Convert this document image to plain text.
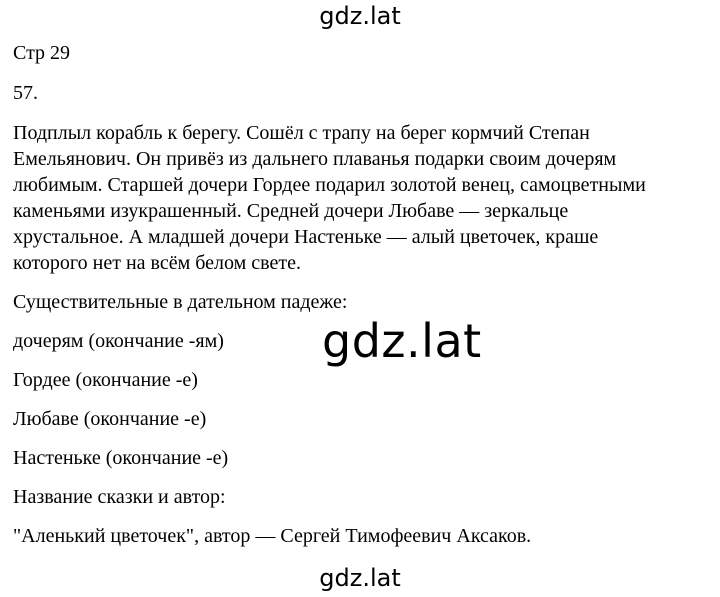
gdz.lat
Стр 29
57.
Подплыл корабль к берегу. Сошёл с трапу на берег кормчий Степан
Емельянович. Он привёз из дальнего плаванья подарки своим дочерям
любимым. Старшей дочери Гордее подарил золотой венец, самоцветными
каменьями изукрашенный. Средней дочери Любаве — зеркальце
хрустальное. А младшей дочери Настеньке — алый цветочек, краше
которого нет на всём белом свете.
Существительные в дательном падеже:
дочерям (окончание -ям)
Гордее (окончание -е)
Любаве (окончание -е)
Настеньке (окончание -е)
Название сказки и автор:
"Аленький цветочек", автор — Сергей Тимофеевич Аксаков.
gdz.lat
gdz.lat
